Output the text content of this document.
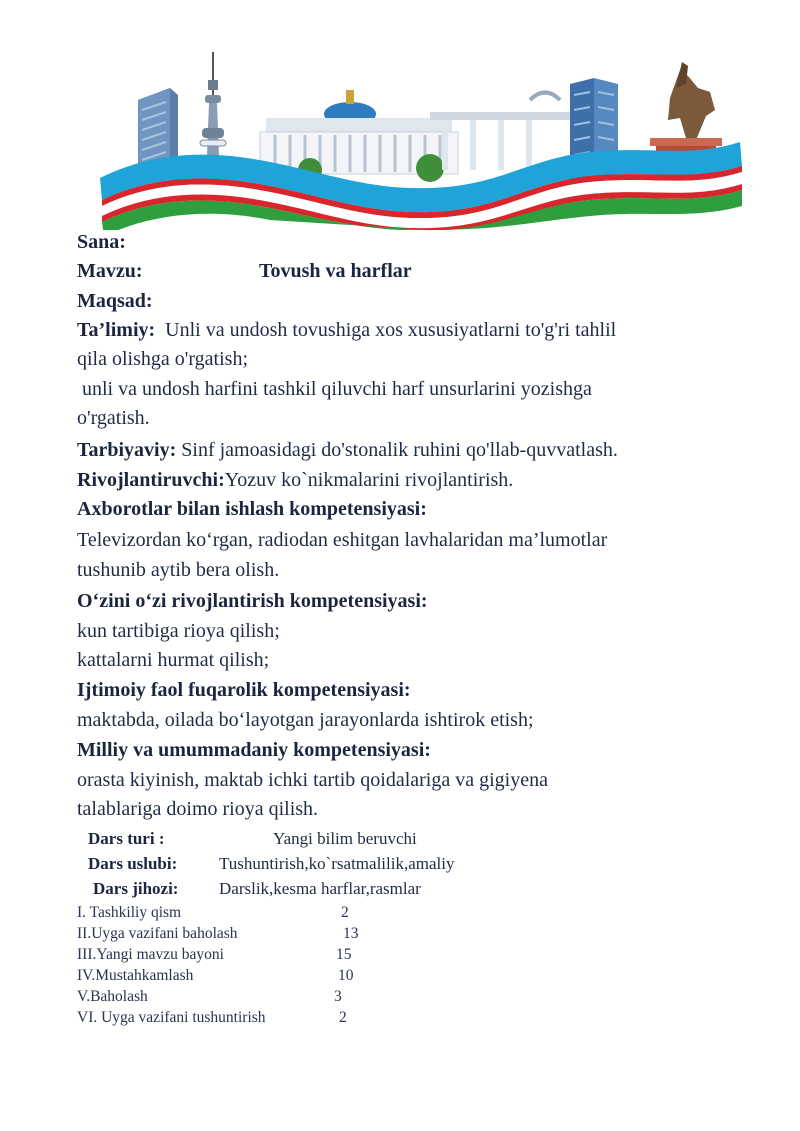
Sana:
Mavzu:	Tovush va harflar
Maqsad:
Ta’limiy: Unli va undosh tovushiga xos xususiyatlarni to'g'ri tahlil
qila olishga o'rgatish;
unli va undosh harfini tashkil qiluvchi harf unsurlarini yozishga
o'rgatish.
Tarbiyaviy: Sinf jamoasidagi do'stonalik ruhini qo'llab-quvvatlash.
Rivojlantiruvchi:Yozuv ko`nikmalarini rivojlantirish.
Axborotlar bilan ishlash kompetensiyasi:
Televizordan ko‘rgan, radiodan eshitgan lavhalaridan ma’lumotlar
tushunib aytib bera olish.
O‘zini o‘zi rivojlantirish kompetensiyasi:
kun tartibiga rioya qilish;
kattalarni hurmat qilish;
Ijtimoiy faol fuqarolik kompetensiyasi:
maktabda, oilada bo‘layotgan jarayonlarda ishtirok etish;
Milliy va umummadaniy kompetensiyasi:
orasta kiyinish, maktab ichki tartib qoidalariga va gigiyena
talablariga doimo rioya qilish.
Dars turi :	Yangi bilim beruvchi
Dars uslubi: Tushuntirish,ko`rsatmalilik,amaliy
Dars jihozi: Darslik,kesma harflar,rasmlar
I. Tashkiliy qism	2
II.Uyga vazifani baholash	13
III.Yangi mavzu bayoni	15
IV.Mustahkamlash	10
V.Baholash	3
VI. Uyga vazifani tushuntirish	2
